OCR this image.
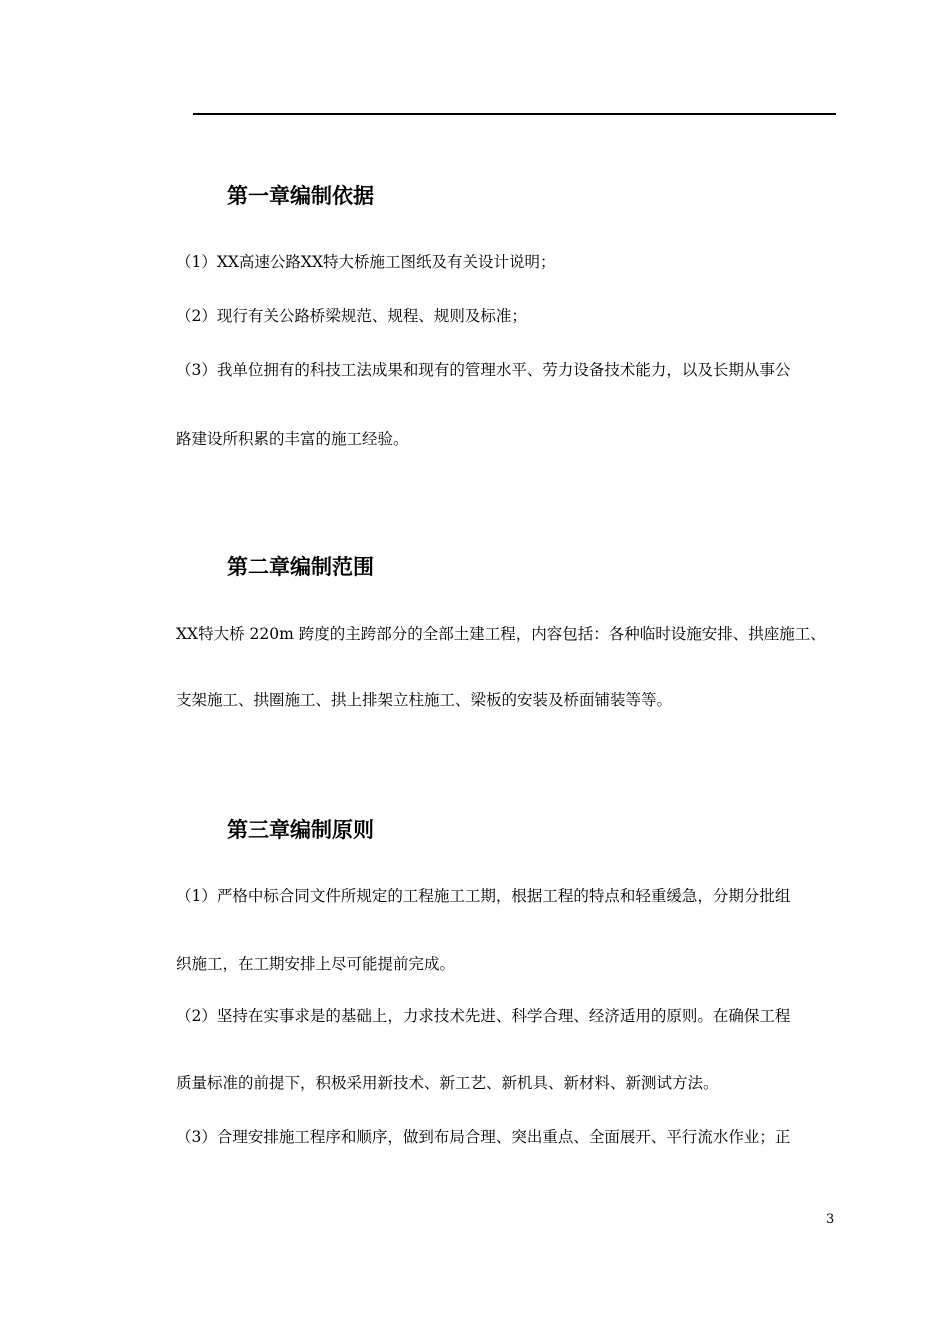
第一章编制依据

（1）XX高速公路XX特大桥施工图纸及有关设计说明；

（2）现行有关公路桥梁规范、规程、规则及标准；

（3）我单位拥有的科技工法成果和现有的管理水平、劳力设备技术能力，以及长期从事公

路建设所积累的丰富的施工经验。

第二章编制范围

XX特大桥 220m 跨度的主跨部分的全部土建工程，内容包括：各种临时设施安排、拱座施工、

支架施工、拱圈施工、拱上排架立柱施工、梁板的安装及桥面铺装等等。

第三章编制原则

（1）严格中标合同文件所规定的工程施工工期，根据工程的特点和轻重缓急，分期分批组

织施工，在工期安排上尽可能提前完成。

（2）坚持在实事求是的基础上，力求技术先进、科学合理、经济适用的原则。在确保工程

质量标准的前提下，积极采用新技术、新工艺、新机具、新材料、新测试方法。

（3）合理安排施工程序和顺序，做到布局合理、突出重点、全面展开、平行流水作业；正

3
